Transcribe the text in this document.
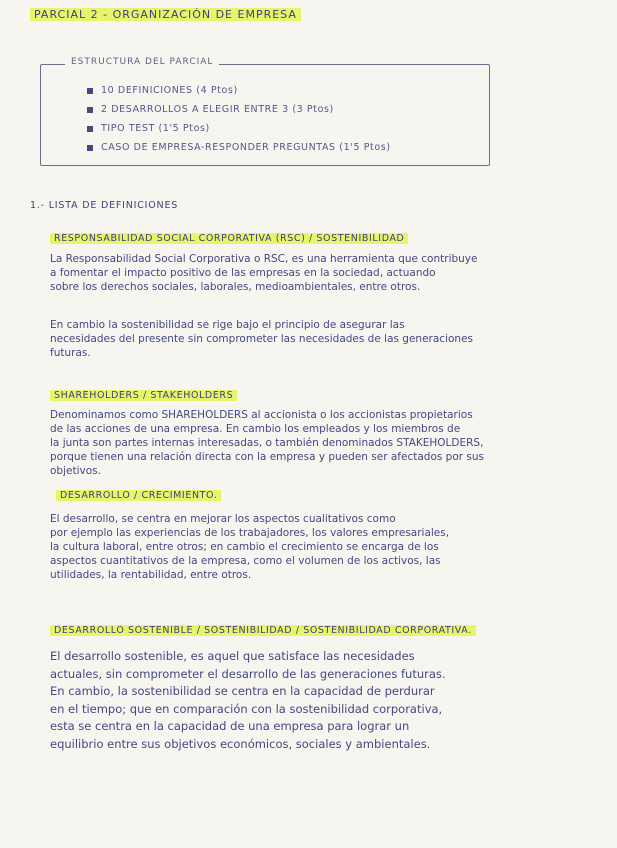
PARCIAL 2 - ORGANIZACIÓN DE EMPRESA
ESTRUCTURA DEL PARCIAL
10 DEFINICIONES (4 Ptos)
2 DESARROLLOS A ELEGIR ENTRE 3 (3 Ptos)
TIPO TEST (1'5 Ptos)
CASO DE EMPRESA-RESPONDER PREGUNTAS (1'5 Ptos)
1.- LISTA DE DEFINICIONES
RESPONSABILIDAD SOCIAL CORPORATIVA (RSC) / SOSTENIBILIDAD

La Responsabilidad Social Corporativa o RSC, es una herramienta que contribuye
a fomentar el impacto positivo de las empresas en la sociedad, actuando
sobre los derechos sociales, laborales, medioambientales, entre otros.

En cambio la sostenibilidad se rige bajo el principio de asegurar las
necesidades del presente sin comprometer las necesidades de las generaciones
futuras.

SHAREHOLDERS / STAKEHOLDERS

Denominamos como SHAREHOLDERS al accionista o los accionistas propietarios
de las acciones de una empresa. En cambio los empleados y los miembros de
la junta son partes internas interesadas, o también denominados STAKEHOLDERS,
porque tienen una relación directa con la empresa y pueden ser afectados por sus
objetivos.

DESARROLLO / CRECIMIENTO.

El desarrollo, se centra en mejorar los aspectos cualitativos como
por ejemplo las experiencias de los trabajadores, los valores empresariales,
la cultura laboral, entre otros; en cambio el crecimiento se encarga de los
aspectos cuantitativos de la empresa, como el volumen de los activos, las
utilidades, la rentabilidad, entre otros.

DESARROLLO SOSTENIBLE / SOSTENIBILIDAD / SOSTENIBILIDAD CORPORATIVA.

El desarrollo sostenible, es aquel que satisface las necesidades
actuales, sin comprometer el desarrollo de las generaciones futuras.
En cambio, la sostenibilidad se centra en la capacidad de perdurar
en el tiempo; que en comparación con la sostenibilidad corporativa,
esta se centra en la capacidad de una empresa para lograr un
equilibrio entre sus objetivos económicos, sociales y ambientales.
